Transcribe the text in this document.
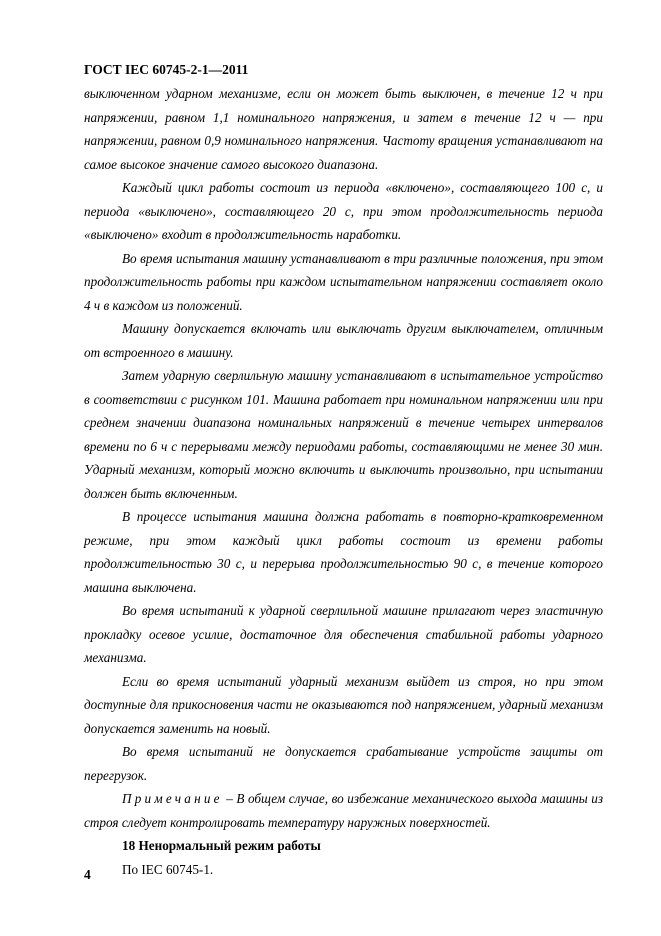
ГОСТ IEC 60745-2-1—2011

выключенном ударном механизме, если он может быть выключен, в течение 12 ч при напряжении, равном 1,1 номинального напряжения, и затем в течение 12 ч — при напряжении, равном 0,9 номинального напряжения. Частоту вращения устанавливают на самое высокое значение самого высокого диапазона.

Каждый цикл работы состоит из периода «включено», составляющего 100 с, и периода «выключено», составляющего 20 с, при этом продолжительность периода «выключено» входит в продолжительность наработки.

Во время испытания машину устанавливают в три различные положения, при этом продолжительность работы при каждом испытательном напряжении составляет около 4 ч в каждом из положений.

Машину допускается включать или выключать другим выключателем, отличным от встроенного в машину.

Затем ударную сверлильную машину устанавливают в испытательное устройство в соответствии с рисунком 101. Машина работает при номинальном напряжении или при среднем значении диапазона номинальных напряжений в течение четырех интервалов времени по 6 ч с перерывами между периодами работы, составляющими не менее 30 мин. Ударный механизм, который можно включить и выключить произвольно, при испытании должен быть включенным.

В процессе испытания машина должна работать в повторно-кратковременном режиме, при этом каждый цикл работы состоит из времени работы продолжительностью 30 с, и перерыва продолжительностью 90 с, в течение которого машина выключена.

Во время испытаний к ударной сверлильной машине прилагают через эластичную прокладку осевое усилие, достаточное для обеспечения стабильной работы ударного механизма.

Если во время испытаний ударный механизм выйдет из строя, но при этом доступные для прикосновения части не оказываются под напряжением, ударный механизм допускается заменить на новый.

Во время испытаний не допускается срабатывание устройств защиты от перегрузок.

Примечание – В общем случае, во избежание механического выхода машины из строя следует контролировать температуру наружных поверхностей.

18 Ненормальный режим работы

По IEC 60745-1.

4
